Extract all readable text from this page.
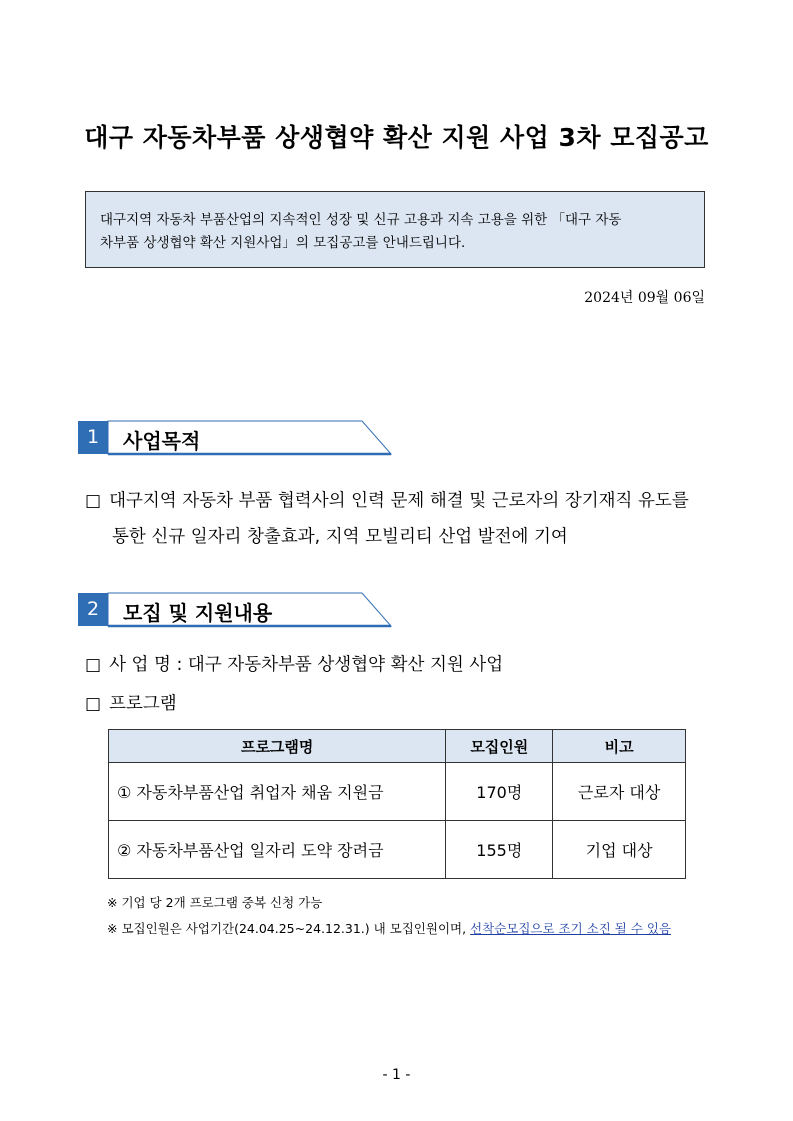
대구 자동차부품 상생협약 확산 지원 사업 3차 모집공고
대구지역 자동차 부품산업의 지속적인 성장 및 신규 고용과 지속 고용을 위한 「대구 자동
차부품 상생협약 확산 지원사업」의 모집공고를 안내드립니다.
2024년 09월 06일
1	사업목적
□ 대구지역 자동차 부품 협력사의 인력 문제 해결 및 근로자의 장기재직 유도를
통한 신규 일자리 창출효과, 지역 모빌리티 산업 발전에 기여
2	모집 및 지원내용
□ 사 업 명 : 대구 자동차부품 상생협약 확산 지원 사업
□ 프로그램
프로그램명	모집인원	비고
① 자동차부품산업 취업자 채움 지원금	170명	근로자 대상
② 자동차부품산업 일자리 도약 장려금	155명	기업 대상
※ 기업 당 2개 프로그램 중복 신청 가능
※ 모집인원은 사업기간(24.04.25~24.12.31.) 내 모집인원이며, 선착순모집으로 조기 소진 될 수 있음
- 1 -
